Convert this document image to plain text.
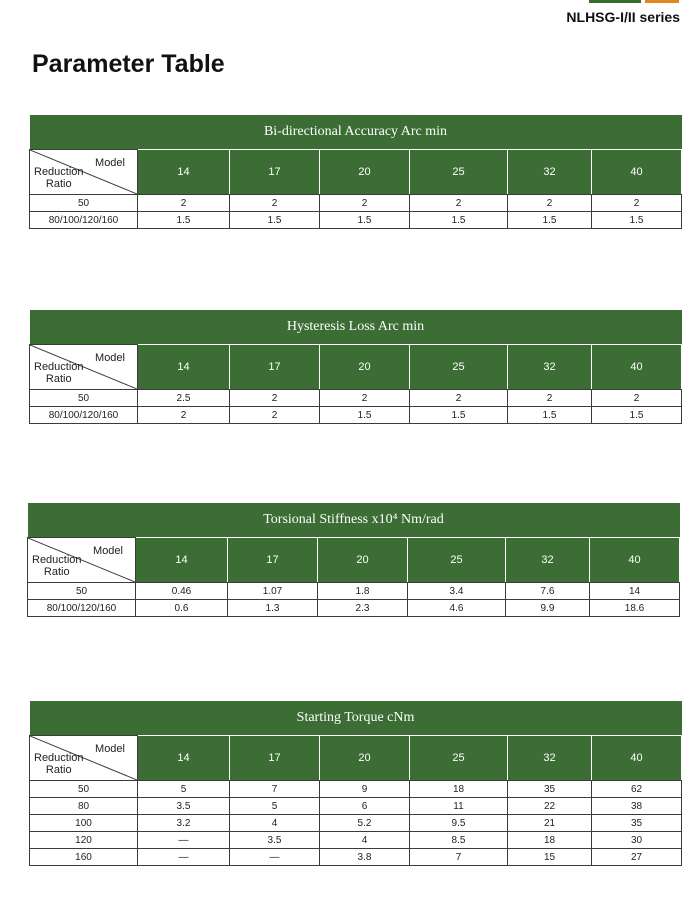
NLHSG-I/II series
Parameter Table
Bi-directional Accuracy Arc min						

Model
Reduction
Ratio	14	17	20	25	32	40
50	2	2	2	2	2	2
80/100/120/160	1.5	1.5	1.5	1.5	1.5	1.5
Hysteresis Loss Arc min						

Model
Reduction
Ratio	14	17	20	25	32	40
50	2.5	2	2	2	2	2
80/100/120/160	2	2	1.5	1.5	1.5	1.5
Torsional Stiffness x10⁴ Nm/rad						

Model
Reduction
Ratio	14	17	20	25	32	40
50	0.46	1.07	1.8	3.4	7.6	14
80/100/120/160	0.6	1.3	2.3	4.6	9.9	18.6
Starting Torque cNm						

Model
Reduction
Ratio	14	17	20	25	32	40
50	5	7	9	18	35	62
80	3.5	5	6	11	22	38
100	3.2	4	5.2	9.5	21	35
120	—	3.5	4	8.5	18	30
160	—	—	3.8	7	15	27
